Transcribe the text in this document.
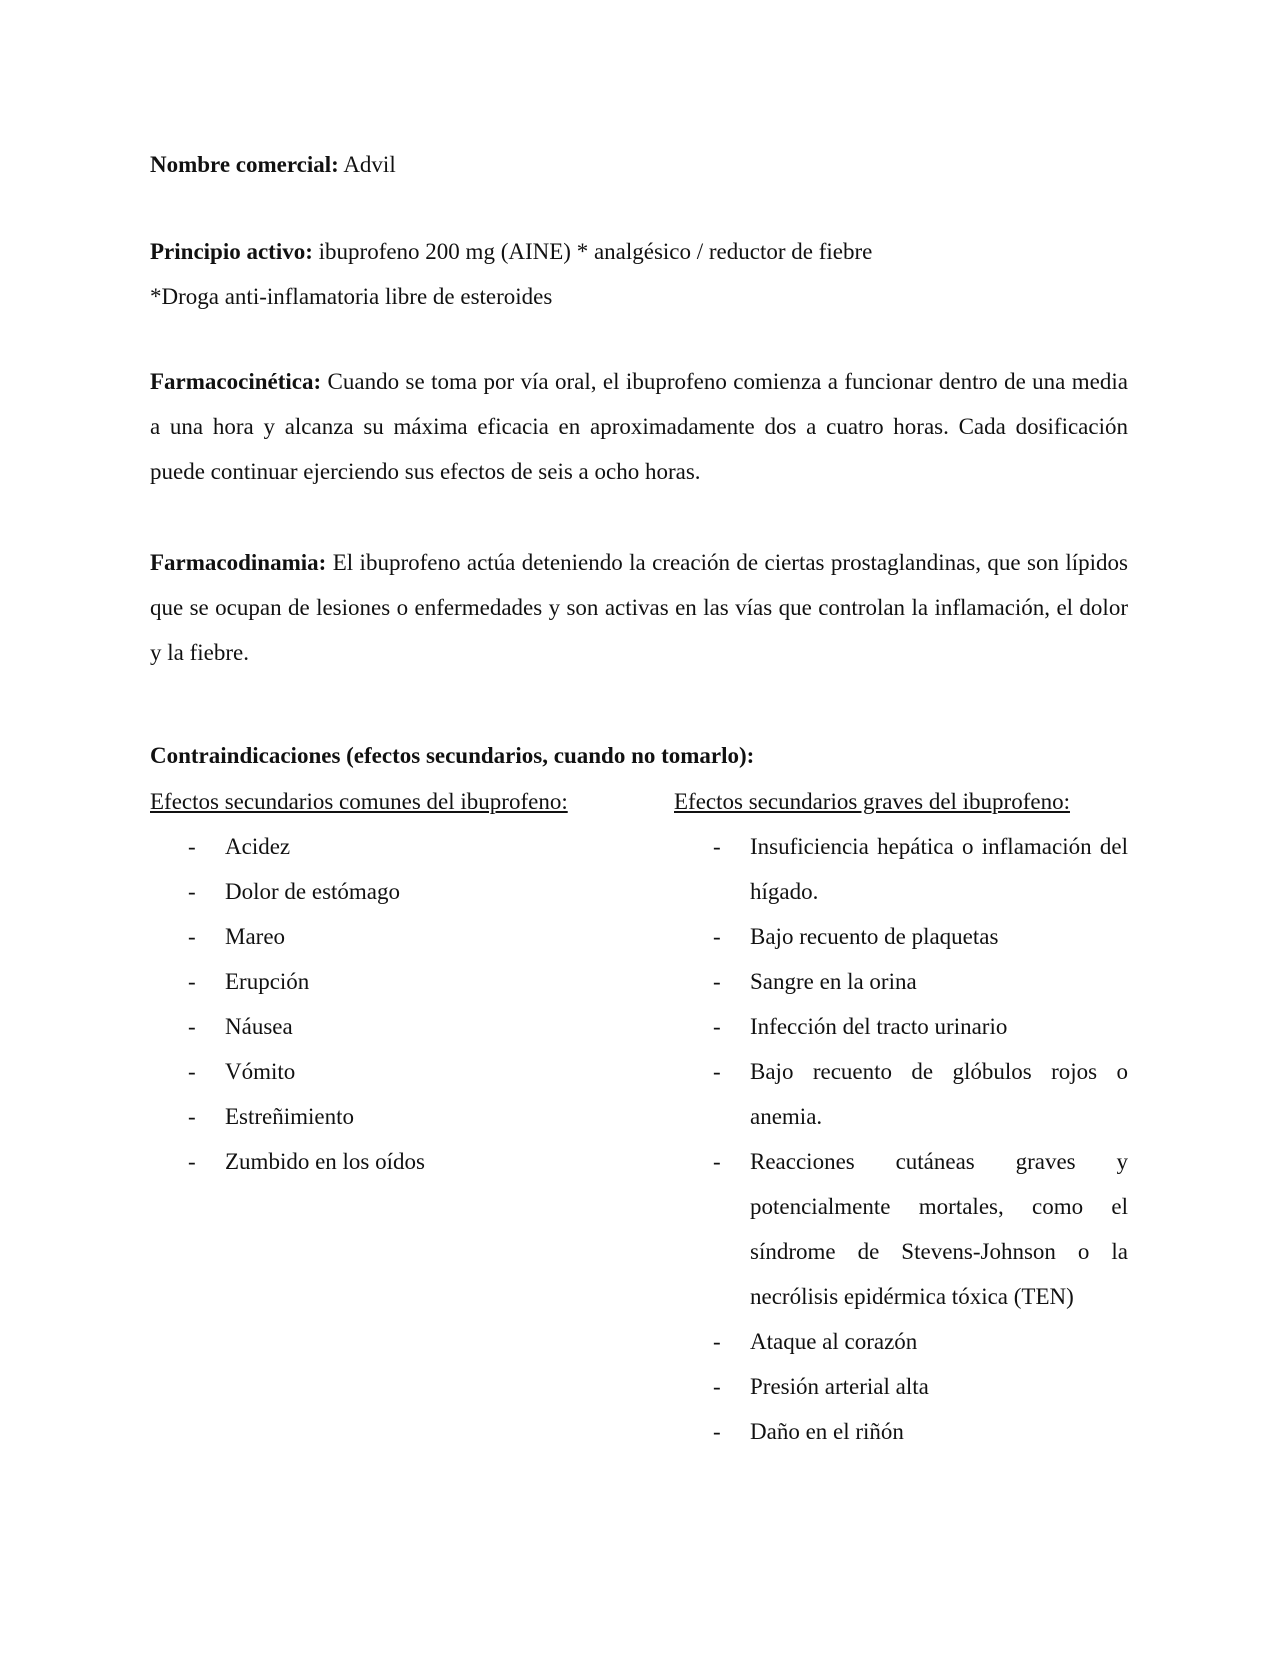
Nombre comercial: Advil
Principio activo: ibuprofeno 200 mg (AINE) * analgésico / reductor de fiebre
*Droga anti-inflamatoria libre de esteroides
Farmacocinética: Cuando se toma por vía oral, el ibuprofeno comienza a funcionar dentro de una media a una hora y alcanza su máxima eficacia en aproximadamente dos a cuatro horas. Cada dosificación puede continuar ejerciendo sus efectos de seis a ocho horas.
Farmacodinamia: El ibuprofeno actúa deteniendo la creación de ciertas prostaglandinas, que son lípidos que se ocupan de lesiones o enfermedades y son activas en las vías que controlan la inflamación, el dolor y la fiebre.
Contraindicaciones (efectos secundarios, cuando no tomarlo):

Efectos secundarios comunes del ibuprofeno:

- Acidez
- Dolor de estómago
- Mareo
- Erupción
- Náusea
- Vómito
- Estreñimiento
- Zumbido en los oídos

Efectos secundarios graves del ibuprofeno:

- Insuficiencia hepática o inflamación del hígado.
- Bajo recuento de plaquetas
- Sangre en la orina
- Infección del tracto urinario
- Bajo recuento de glóbulos rojos o anemia.
- Reacciones cutáneas graves y potencialmente mortales, como el síndrome de Stevens-Johnson o la necrólisis epidérmica tóxica (TEN)
- Ataque al corazón
- Presión arterial alta
- Daño en el riñón
